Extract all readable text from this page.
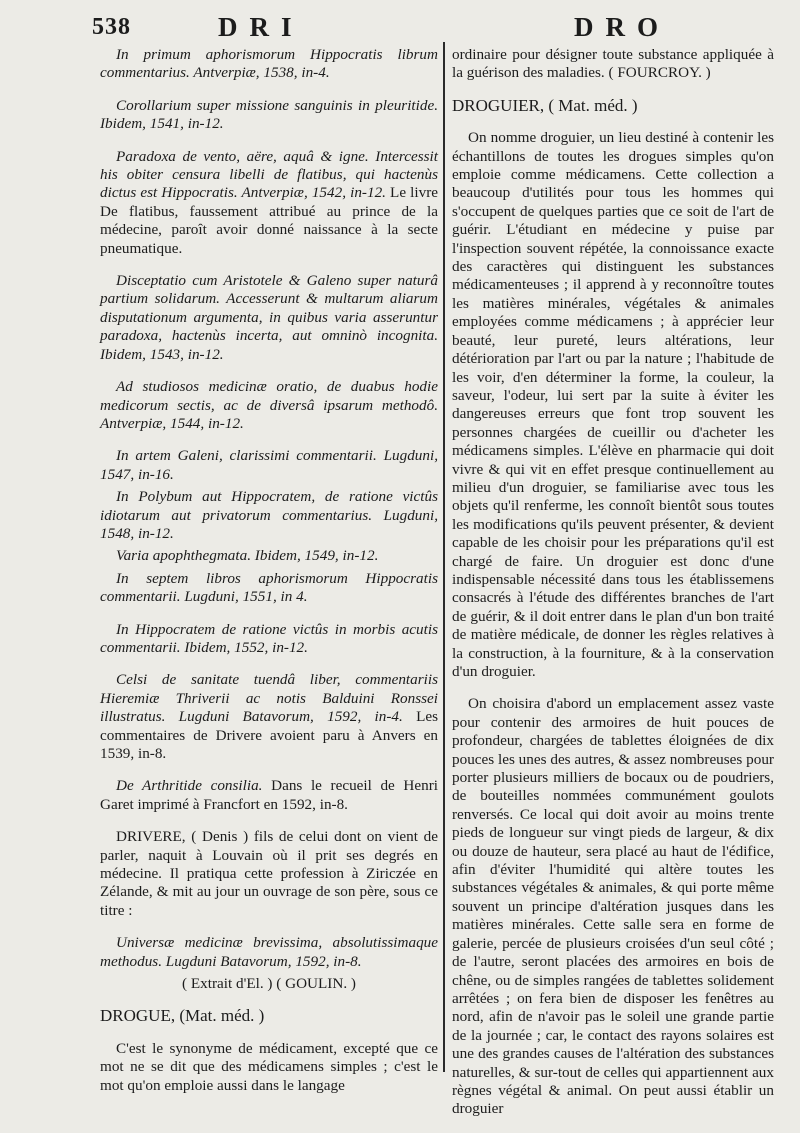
538	DRI	DRO

In primum aphorismorum Hippocratis librum commentarius. Antverpiæ, 1538, in-4.

Corollarium super missione sanguinis in pleuritide. Ibidem, 1541, in-12.

Paradoxa de vento, aëre, aquâ & igne. Intercessit his obiter censura libelli de flatibus, qui hactenùs dictus est Hippocratis. Antverpiæ, 1542, in-12. Le livre De flatibus, faussement attribué au prince de la médecine, paroît avoir donné naissance à la secte pneumatique.

Disceptatio cum Aristotele & Galeno super naturâ partium solidarum. Accesserunt & multarum aliarum disputationum argumenta, in quibus varia asseruntur paradoxa, hactenùs incerta, aut omninò incognita. Ibidem, 1543, in-12.

Ad studiosos medicinæ oratio, de duabus hodie medicorum sectis, ac de diversâ ipsarum methodô. Antverpiæ, 1544, in-12.

In artem Galeni, clarissimi commentarii. Lugduni, 1547, in-16.

In Polybum aut Hippocratem, de ratione victûs idiotarum aut privatorum commentarius. Lugduni, 1548, in-12.

Varia apophthegmata. Ibidem, 1549, in-12.

In septem libros aphorismorum Hippocratis commentarii. Lugduni, 1551, in 4.

In Hippocratem de ratione victûs in morbis acutis commentarii. Ibidem, 1552, in-12.

Celsi de sanitate tuendâ liber, commentariis Hieremiæ Thriverii ac notis Balduini Ronssei illustratus. Lugduni Batavorum, 1592, in-4. Les commentaires de Drivere avoient paru à Anvers en 1539, in-8.

De Arthritide consilia. Dans le recueil de Henri Garet imprimé à Francfort en 1592, in-8.

DRIVERE, ( Denis ) fils de celui dont on vient de parler, naquit à Louvain où il prit ses degrés en médecine. Il pratiqua cette profession à Ziriczée en Zélande, & mit au jour un ouvrage de son père, sous ce titre :

Universæ medicinæ brevissima, absolutissimaque methodus. Lugduni Batavorum, 1592, in-8.

( Extrait d'El. ) ( GOULIN. )

DROGUE, (Mat. méd. )

C'est le synonyme de médicament, excepté que ce mot ne se dit que des médicamens simples ; c'est le mot qu'on emploie aussi dans le langage

ordinaire pour désigner toute substance appliquée à la guérison des maladies. ( FOURCROY. )

DROGUIER, ( Mat. méd. )

On nomme droguier, un lieu destiné à contenir les échantillons de toutes les drogues simples qu'on emploie comme médicamens. Cette collection a beaucoup d'utilités pour tous les hommes qui s'occupent de quelques parties que ce soit de l'art de guérir. L'étudiant en médecine y puise par l'inspection souvent répétée, la connoissance exacte des caractères qui distinguent les substances médicamenteuses ; il apprend à y reconnoître toutes les matières minérales, végétales & animales employées comme médicamens ; à apprécier leur beauté, leur pureté, leurs altérations, leur détérioration par l'art ou par la nature ; l'habitude de les voir, d'en déterminer la forme, la couleur, la saveur, l'odeur, lui sert par la suite à éviter les dangereuses erreurs que font trop souvent les personnes chargées de cueillir ou d'acheter les médicamens simples. L'élève en pharmacie qui doit vivre & qui vit en effet presque continuellement au milieu d'un droguier, se familiarise avec tous les objets qu'il renferme, les connoît bientôt sous toutes les modifications qu'ils peuvent présenter, & devient capable de les choisir pour les préparations qu'il est chargé de faire. Un droguier est donc d'une indispensable nécessité dans tous les établissemens consacrés à l'étude des différentes branches de l'art de guérir, & il doit entrer dans le plan d'un bon traité de matière médicale, de donner les règles relatives à la construction, à la fourniture, & à la conservation d'un droguier.

On choisira d'abord un emplacement assez vaste pour contenir des armoires de huit pouces de profondeur, chargées de tablettes éloignées de dix pouces les unes des autres, & assez nombreuses pour porter plusieurs milliers de bocaux ou de poudriers, de bouteilles nommées communément goulots renversés. Ce local qui doit avoir au moins trente pieds de longueur sur vingt pieds de largeur, & dix ou douze de hauteur, sera placé au haut de l'édifice, afin d'éviter l'humidité qui altère toutes les substances végétales & animales, & qui porte même souvent un principe d'altération jusques dans les matières minérales. Cette salle sera en forme de galerie, percée de plusieurs croisées d'un seul côté ; de l'autre, seront placées des armoires en bois de chêne, ou de simples rangées de tablettes solidement arrêtées ; on fera bien de disposer les fenêtres au nord, afin de n'avoir pas le soleil une grande partie de la journée ; car, le contact des rayons solaires est une des grandes causes de l'altération des substances naturelles, & sur-tout de celles qui appartiennent aux règnes végétal & animal. On peut aussi établir un droguier
